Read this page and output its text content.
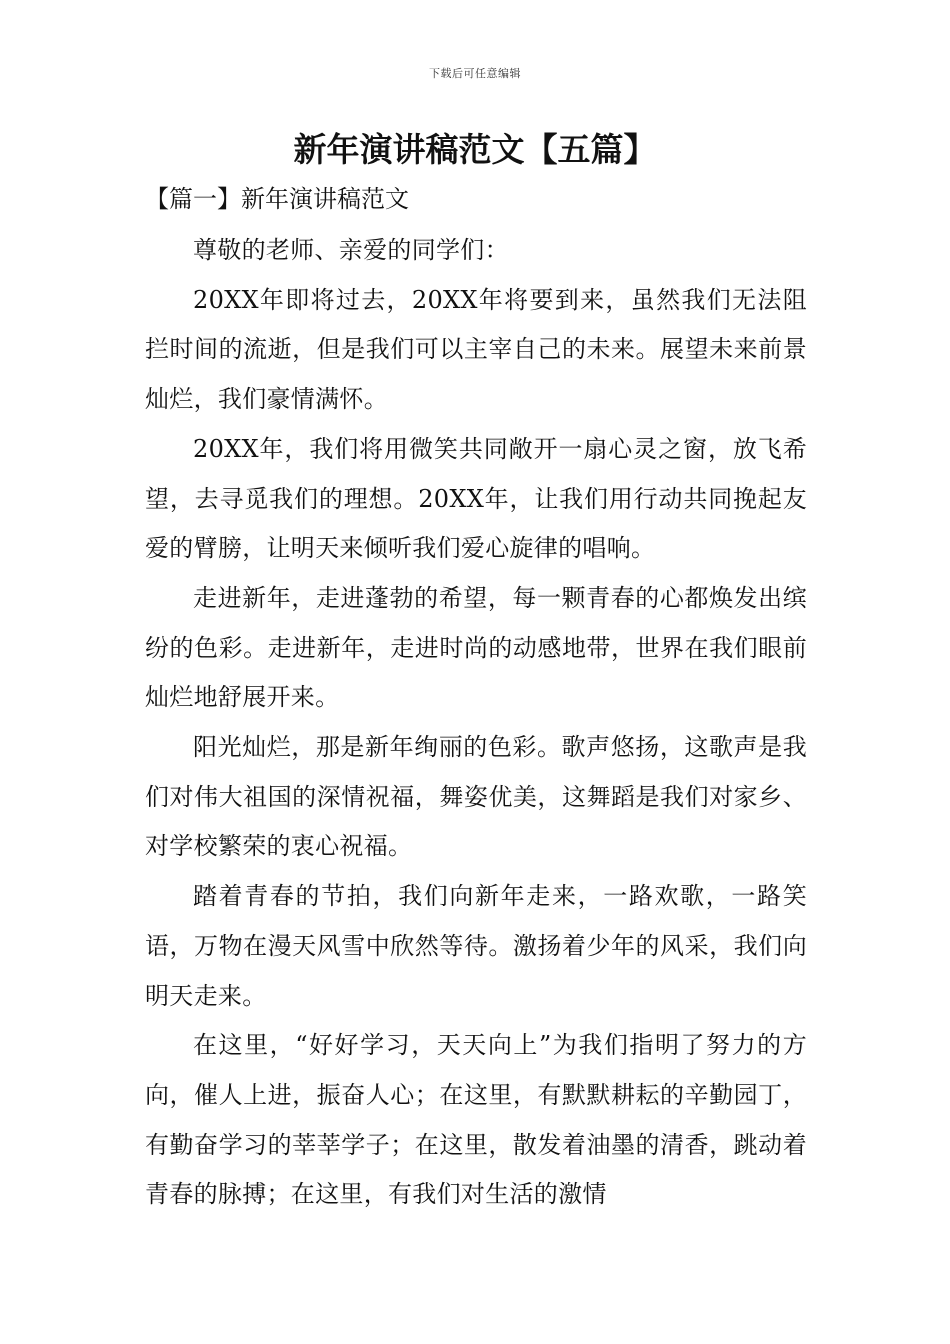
下载后可任意编辑
新年演讲稿范文【五篇】
【篇一】新年演讲稿范文

尊敬的老师、亲爱的同学们：

20XX年即将过去，20XX年将要到来，虽然我们无法阻拦时间的流逝，但是我们可以主宰自己的未来。展望未来前景灿烂，我们豪情满怀。

20XX年，我们将用微笑共同敞开一扇心灵之窗，放飞希望，去寻觅我们的理想。20XX年，让我们用行动共同挽起友爱的臂膀，让明天来倾听我们爱心旋律的唱响。

走进新年，走进蓬勃的希望，每一颗青春的心都焕发出缤纷的色彩。走进新年，走进时尚的动感地带，世界在我们眼前灿烂地舒展开来。

阳光灿烂，那是新年绚丽的色彩。歌声悠扬，这歌声是我们对伟大祖国的深情祝福，舞姿优美，这舞蹈是我们对家乡、对学校繁荣的衷心祝福。

踏着青春的节拍，我们向新年走来，一路欢歌，一路笑语，万物在漫天风雪中欣然等待。激扬着少年的风采，我们向明天走来。

在这里，“好好学习，天天向上”为我们指明了努力的方向，催人上进，振奋人心；在这里，有默默耕耘的辛勤园丁，有勤奋学习的莘莘学子；在这里，散发着油墨的清香，跳动着青春的脉搏；在这里，有我们对生活的激情
